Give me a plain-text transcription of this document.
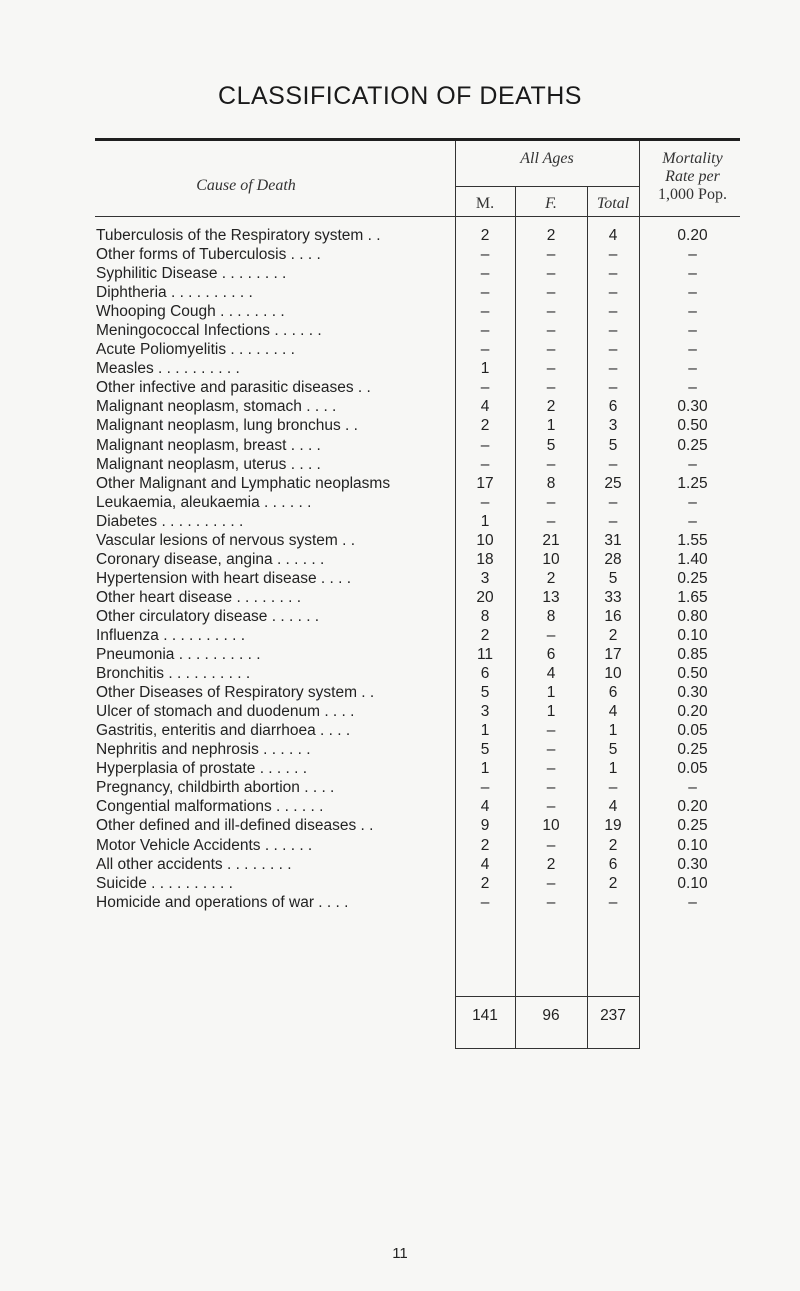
CLASSIFICATION OF DEATHS
Cause of Death
All Ages
M.	F.	Total
Mortality
Rate per
1,000 Pop.
Tuberculosis of the Respiratory system . .	2	2	4	0.20
Other forms of Tuberculosis . . . .	–	–	–	–
Syphilitic Disease . . . . . . . .	–	–	–	–
Diphtheria . . . . . . . . . .	–	–	–	–
Whooping Cough . . . . . . . .	–	–	–	–
Meningococcal Infections . . . . . .	–	–	–	–
Acute Poliomyelitis . . . . . . . .	–	–	–	–
Measles . . . . . . . . . .	1	–	–	–
Other infective and parasitic diseases . .	–	–	–	–
Malignant neoplasm, stomach . . . .	4	2	6	0.30
Malignant neoplasm, lung bronchus . .	2	1	3	0.50
Malignant neoplasm, breast . . . .	–	5	5	0.25
Malignant neoplasm, uterus . . . .	–	–	–	–
Other Malignant and Lymphatic neoplasms	17	8	25	1.25
Leukaemia, aleukaemia . . . . . .	–	–	–	–
Diabetes . . . . . . . . . .	1	–	–	–
Vascular lesions of nervous system . .	10	21	31	1.55
Coronary disease, angina . . . . . .	18	10	28	1.40
Hypertension with heart disease . . . .	3	2	5	0.25
Other heart disease . . . . . . . .	20	13	33	1.65
Other circulatory disease . . . . . .	8	8	16	0.80
Influenza . . . . . . . . . .	2	–	2	0.10
Pneumonia . . . . . . . . . .	11	6	17	0.85
Bronchitis . . . . . . . . . .	6	4	10	0.50
Other Diseases of Respiratory system . .	5	1	6	0.30
Ulcer of stomach and duodenum . . . .	3	1	4	0.20
Gastritis, enteritis and diarrhoea . . . .	1	–	1	0.05
Nephritis and nephrosis . . . . . .	5	–	5	0.25
Hyperplasia of prostate . . . . . .	1	–	1	0.05
Pregnancy, childbirth abortion . . . .	–	–	–	–
Congential malformations . . . . . .	4	–	4	0.20
Other defined and ill-defined diseases . .	9	10	19	0.25
Motor Vehicle Accidents . . . . . .	2	–	2	0.10
All other accidents . . . . . . . .	4	2	6	0.30
Suicide . . . . . . . . . .	2	–	2	0.10
Homicide and operations of war . . . .	–	–	–	–
141	96	237
11
